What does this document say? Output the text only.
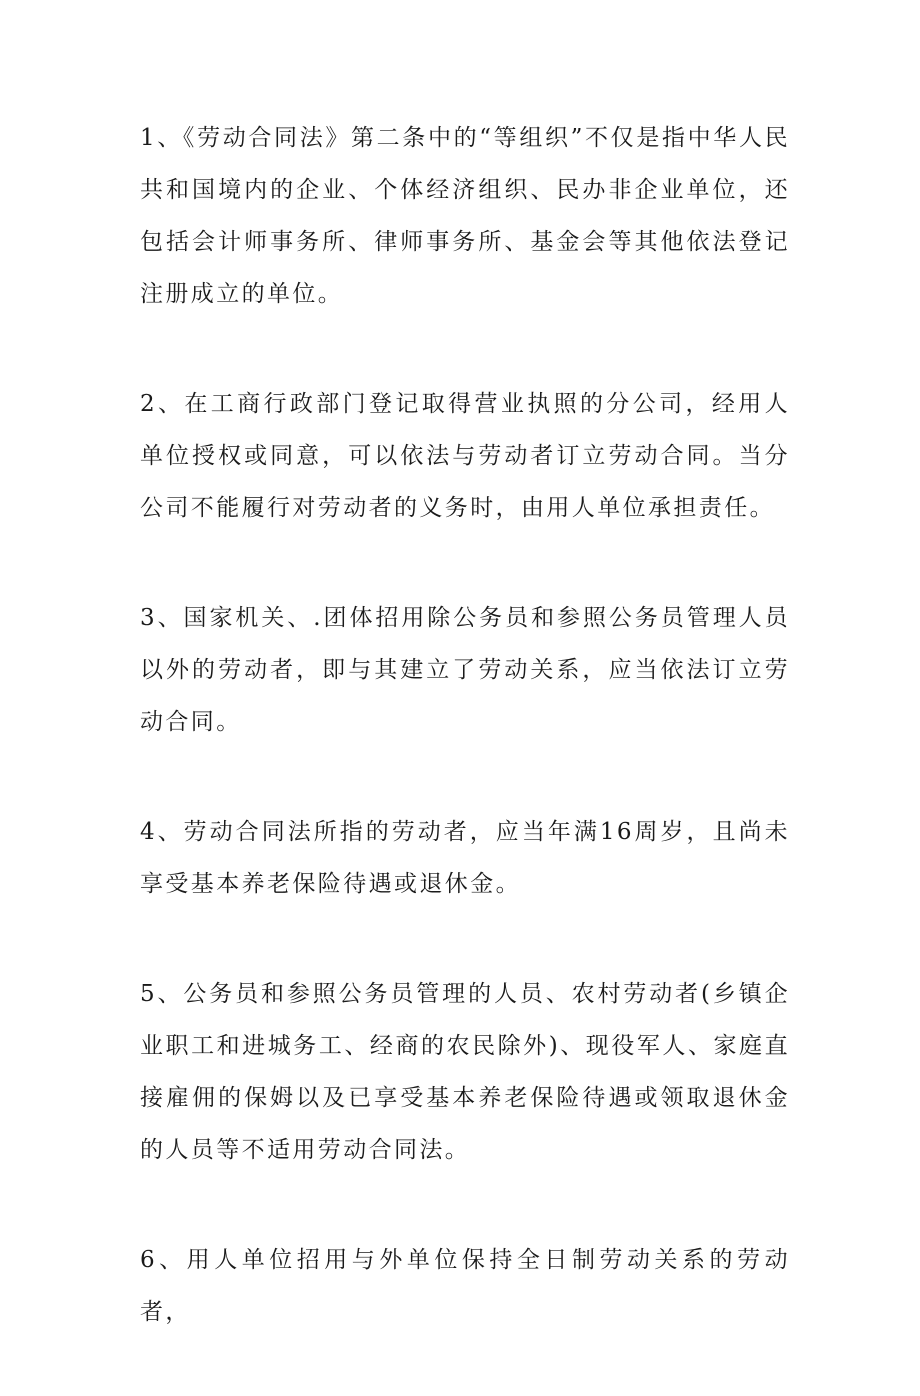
1、《劳动合同法》第二条中的“等组织”不仅是指中华人民共和国境内的企业、个体经济组织、民办非企业单位，还包括会计师事务所、律师事务所、基金会等其他依法登记注册成立的单位。

2、在工商行政部门登记取得营业执照的分公司，经用人单位授权或同意，可以依法与劳动者订立劳动合同。当分公司不能履行对劳动者的义务时，由用人单位承担责任。

3、国家机关、.团体招用除公务员和参照公务员管理人员以外的劳动者，即与其建立了劳动关系，应当依法订立劳动合同。

4、劳动合同法所指的劳动者，应当年满16周岁，且尚未享受基本养老保险待遇或退休金。

5、公务员和参照公务员管理的人员、农村劳动者(乡镇企业职工和进城务工、经商的农民除外)、现役军人、家庭直接雇佣的保姆以及已享受基本养老保险待遇或领取退休金的人员等不适用劳动合同法。

6、用人单位招用与外单位保持全日制劳动关系的劳动者，
